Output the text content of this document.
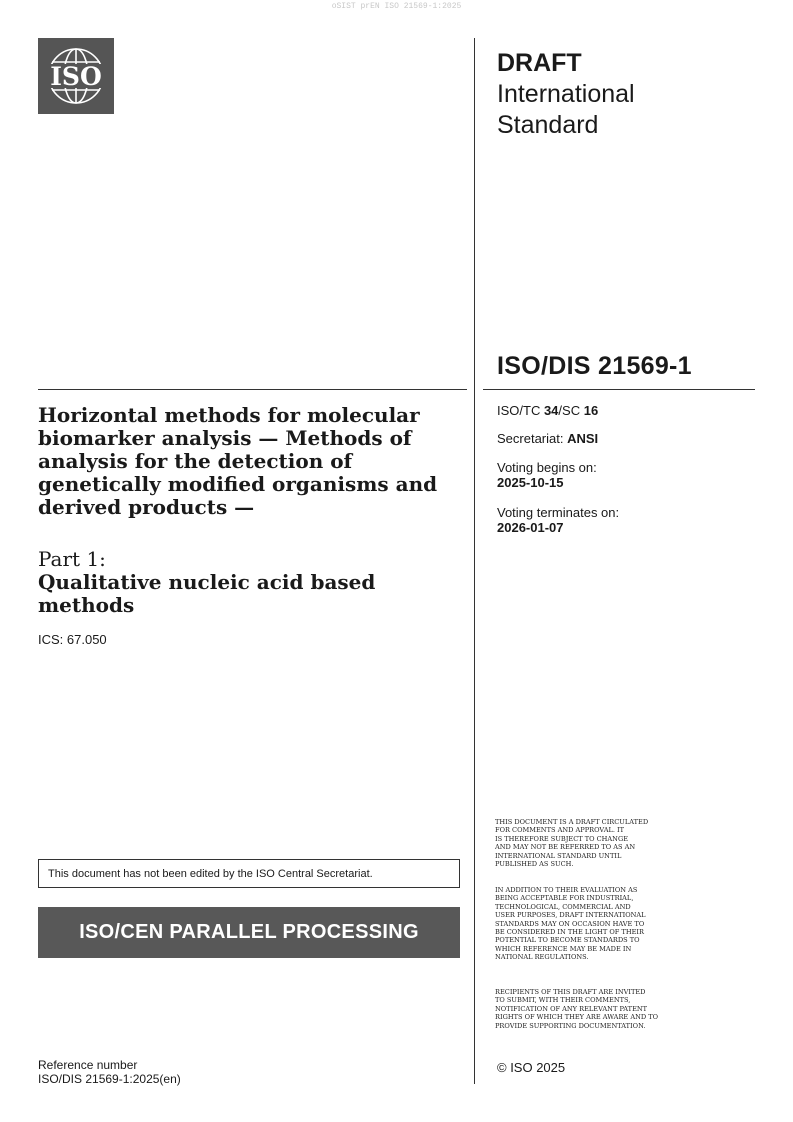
oSIST prEN ISO 21569-1:2025
ISO	DRAFT
International
Standard
ISO/DIS 21569-1
ISO/TC 34/SC 16
Secretariat: ANSI
Voting begins on:
2025-10-15
Voting terminates on:
2026-01-07
Horizontal methods for molecular biomarker analysis — Methods of analysis for the detection of genetically modified organisms and derived products —
Part 1:
Qualitative nucleic acid based methods
ICS: 67.050
This document has not been edited by the ISO Central Secretariat.
ISO/CEN PARALLEL PROCESSING
THIS DOCUMENT IS A DRAFT CIRCULATED
FOR COMMENTS AND APPROVAL. IT
IS THEREFORE SUBJECT TO CHANGE
AND MAY NOT BE REFERRED TO AS AN
INTERNATIONAL STANDARD UNTIL
PUBLISHED AS SUCH.
IN ADDITION TO THEIR EVALUATION AS
BEING ACCEPTABLE FOR INDUSTRIAL,
TECHNOLOGICAL, COMMERCIAL AND
USER PURPOSES, DRAFT INTERNATIONAL
STANDARDS MAY ON OCCASION HAVE TO
BE CONSIDERED IN THE LIGHT OF THEIR
POTENTIAL TO BECOME STANDARDS TO
WHICH REFERENCE MAY BE MADE IN
NATIONAL REGULATIONS.
RECIPIENTS OF THIS DRAFT ARE INVITED
TO SUBMIT, WITH THEIR COMMENTS,
NOTIFICATION OF ANY RELEVANT PATENT
RIGHTS OF WHICH THEY ARE AWARE AND TO
PROVIDE SUPPORTING DOCUMENTATION.
© ISO 2025
Reference number
ISO/DIS 21569-1:2025(en)
